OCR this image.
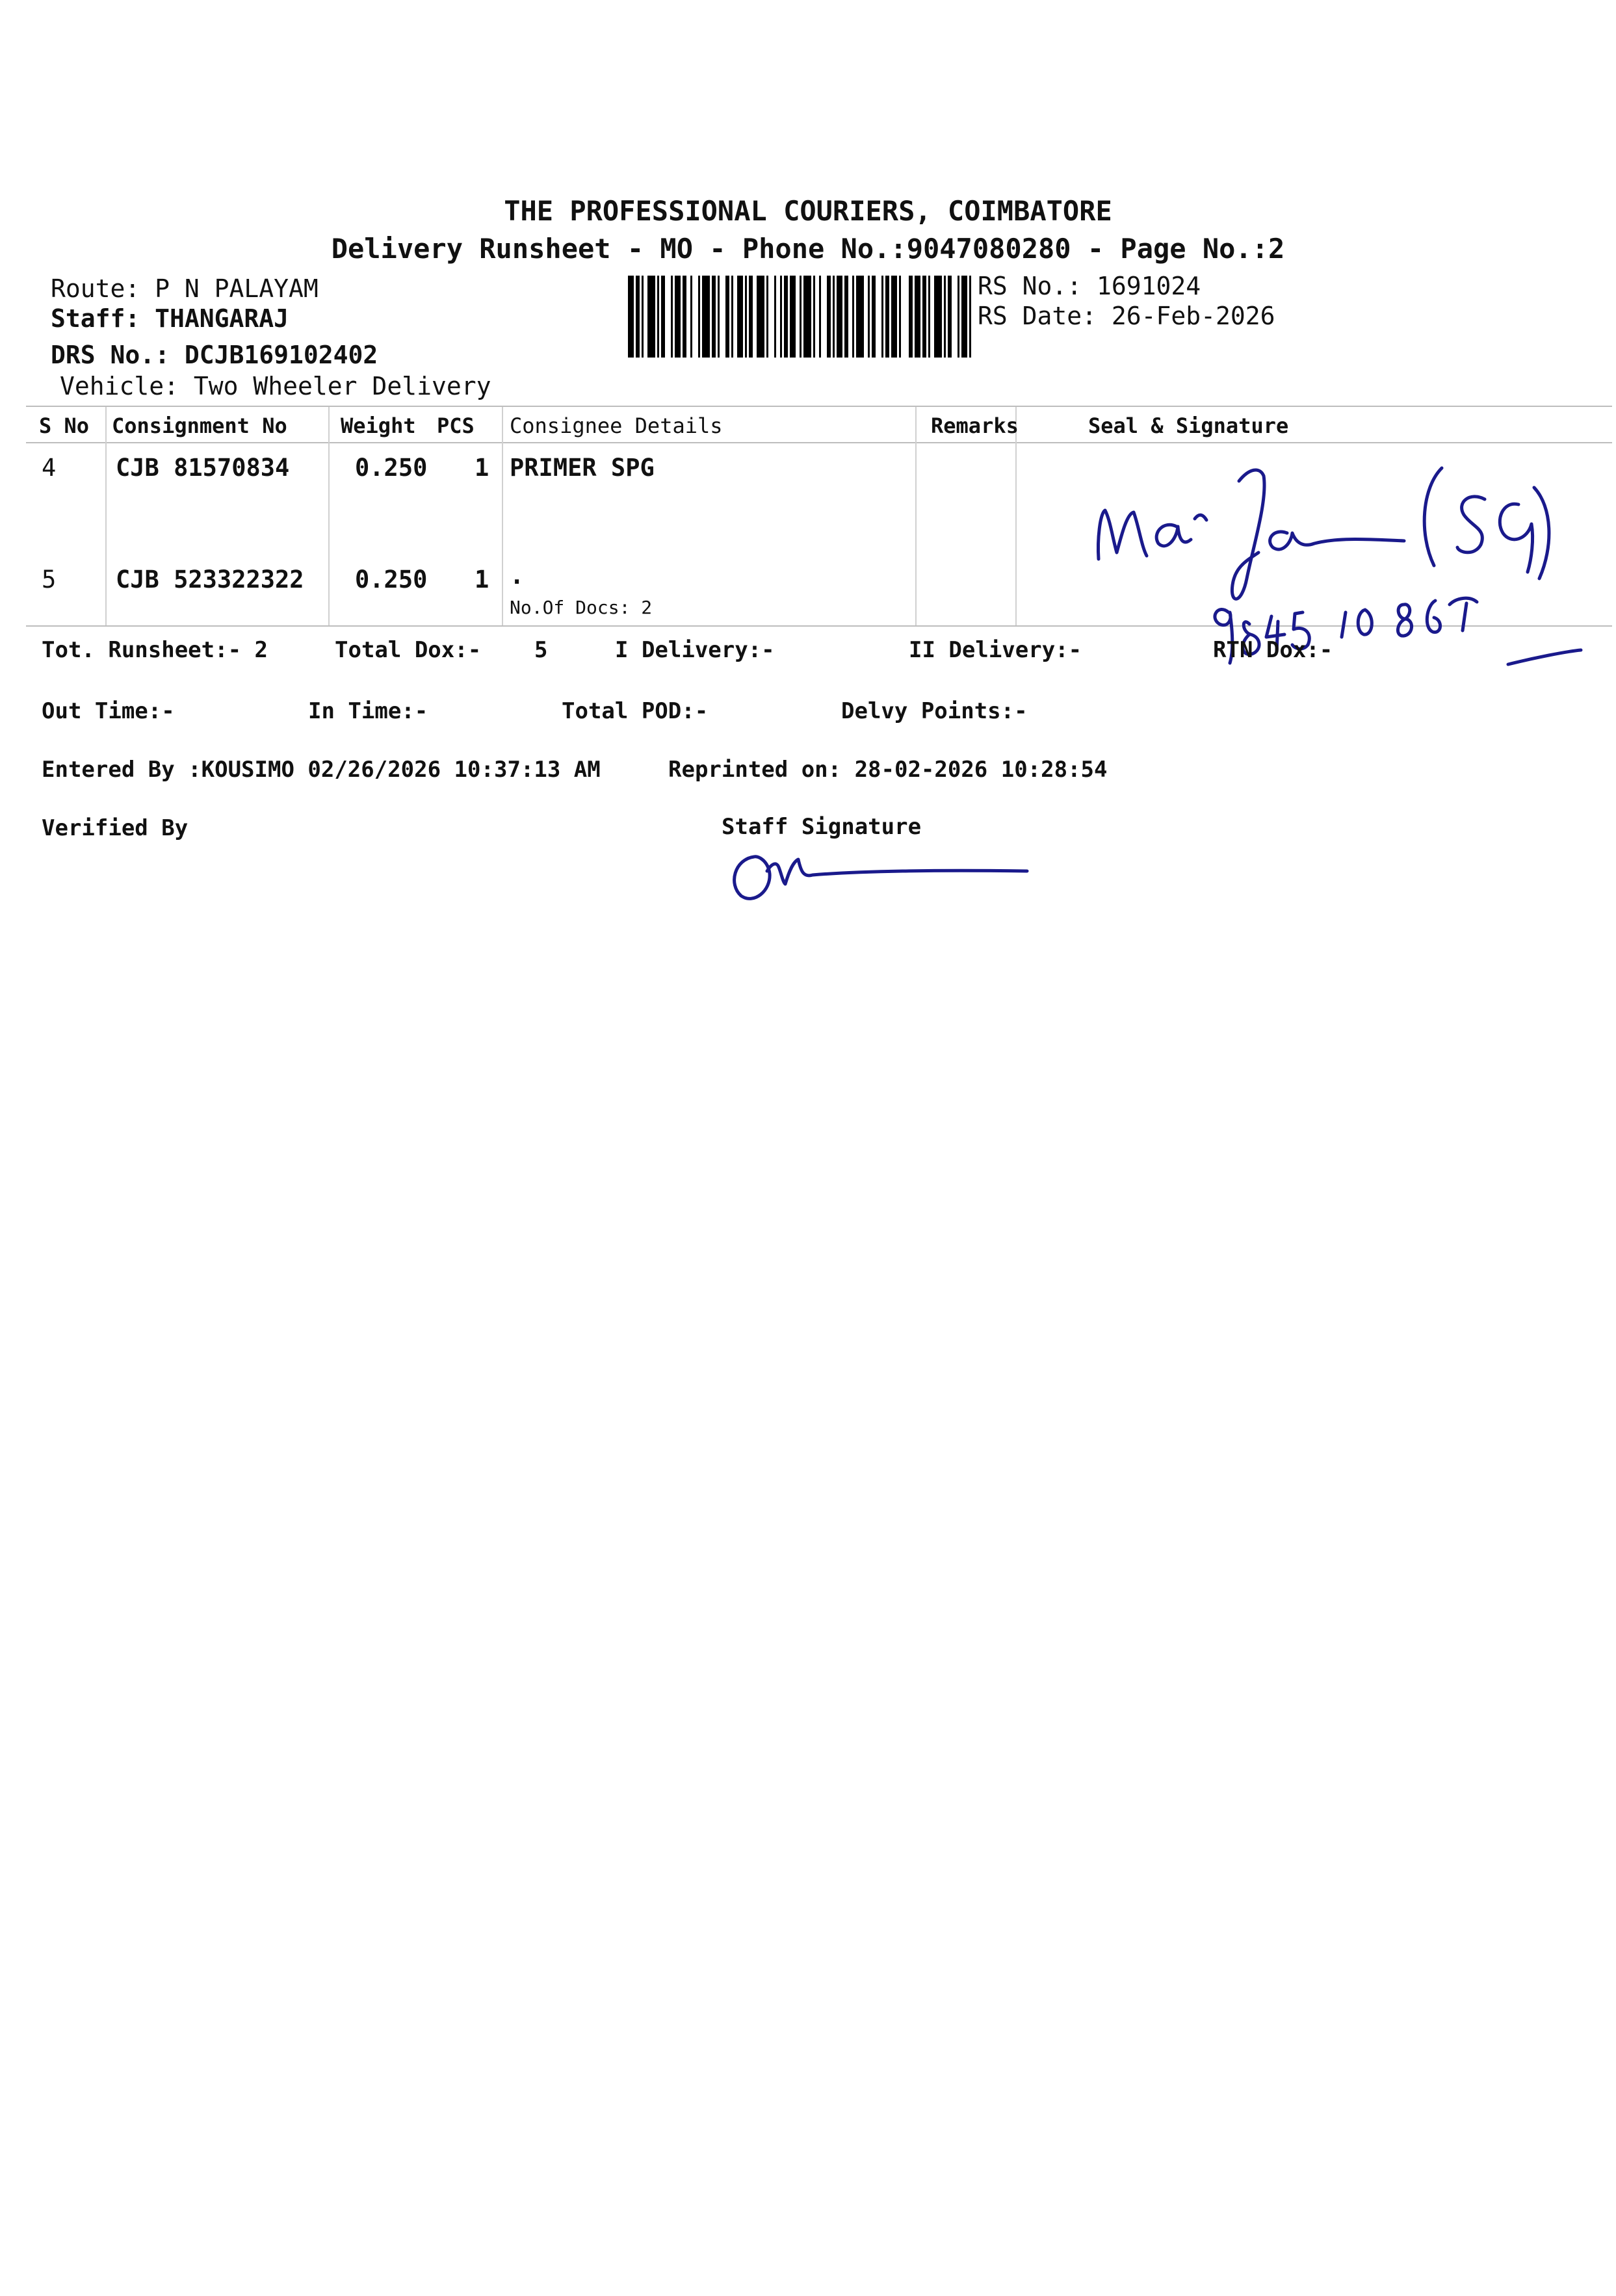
THE PROFESSIONAL COURIERS, COIMBATORE
Delivery Runsheet - MO - Phone No.:9047080280 - Page No.:2
Route: P N PALAYAM
Staff: THANGARAJ
DRS No.: DCJB169102402
Vehicle: Two Wheeler Delivery
RS No.: 1691024
RS Date: 26-Feb-2026
S No Consignment No	Weight PCS Consignee Details	Remarks	Seal & Signature
4 CJB 81570834	0.250 1 PRIMER SPG
5 CJB 523322322 0.250 1 .
No.Of Docs: 2
Tot. Runsheet:- 2	Total Dox:- 5	I Delivery:-	II Delivery:-	RTN Dox:-
Out Time:-	In Time:-	Total POD:-	Delvy Points:-
Entered By :KOUSIMO 02/26/2026 10:37:13 AM	Reprinted on: 28-02-2026 10:28:54
Verified By	Staff Signature
